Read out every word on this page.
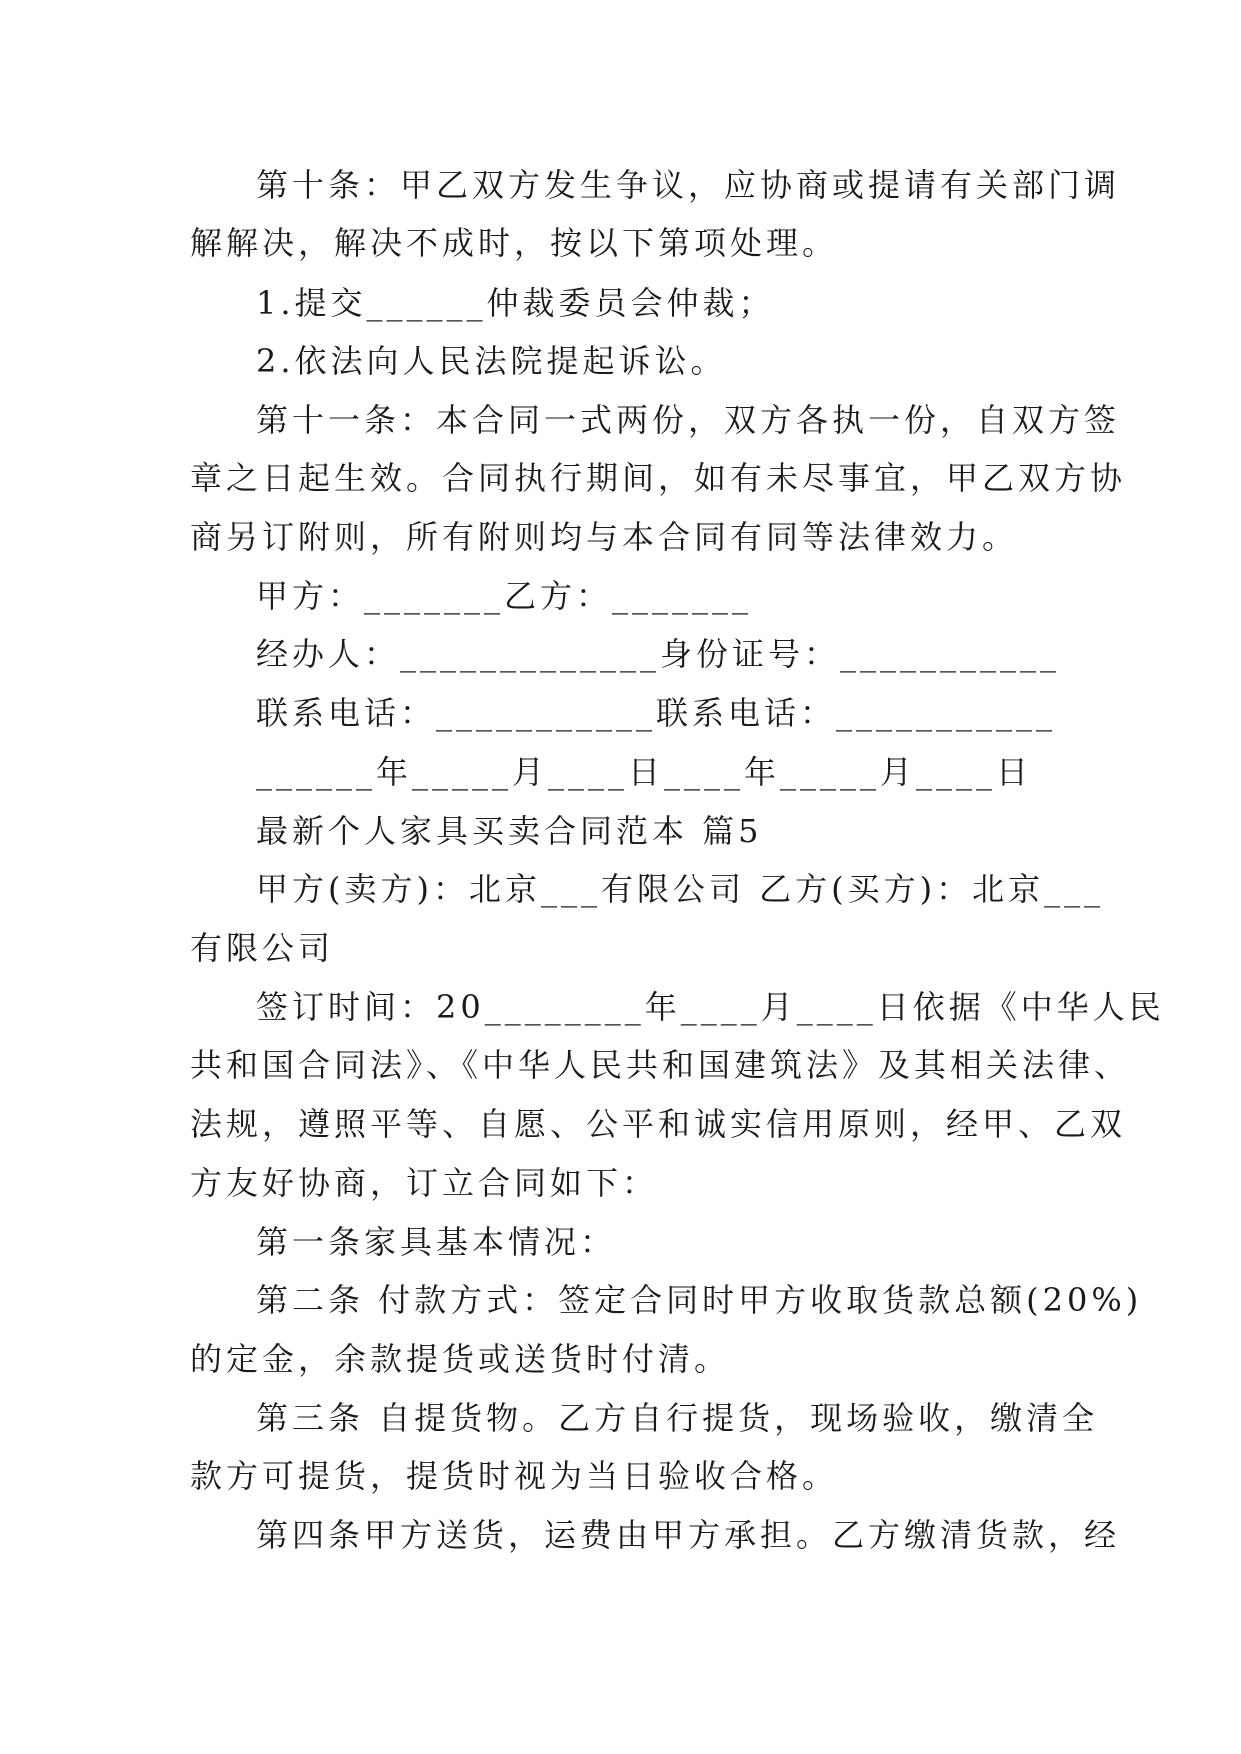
第十条：甲乙双方发生争议，应协商或提请有关部门调
解解决，解决不成时，按以下第项处理。
1.提交______仲裁委员会仲裁；
2.依法向人民法院提起诉讼。
第十一条：本合同一式两份，双方各执一份，自双方签
章之日起生效。合同执行期间，如有未尽事宜，甲乙双方协
商另订附则，所有附则均与本合同有同等法律效力。
甲方：_______乙方：_______
经办人：_____________身份证号：___________
联系电话：___________联系电话：___________
______年_____月____日____年_____月____日
最新个人家具买卖合同范本 篇5
甲方(卖方)：北京___有限公司 乙方(买方)：北京___
有限公司
签订时间：20________年____月____日依据《中华人民
共和国合同法》、《中华人民共和国建筑法》及其相关法律、
法规，遵照平等、自愿、公平和诚实信用原则，经甲、乙双
方友好协商，订立合同如下：
第一条家具基本情况：
第二条 付款方式：签定合同时甲方收取货款总额(20%)
的定金，余款提货或送货时付清。
第三条 自提货物。乙方自行提货，现场验收，缴清全
款方可提货，提货时视为当日验收合格。
第四条甲方送货，运费由甲方承担。乙方缴清货款，经
